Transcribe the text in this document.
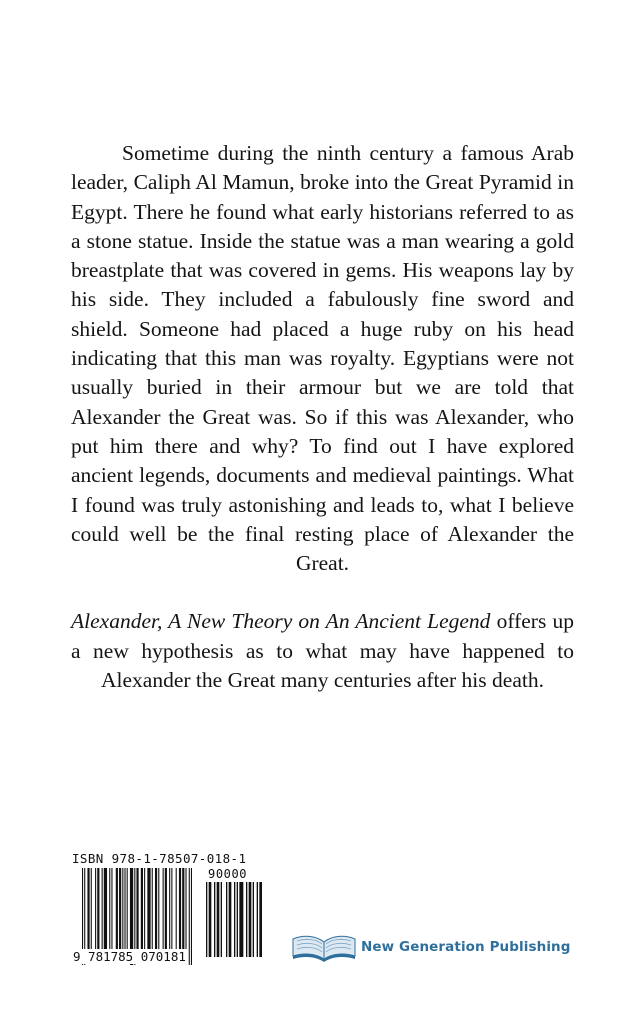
Sometime during the ninth century a famous Arab leader, Caliph Al Mamun, broke into the Great Pyramid in Egypt. There he found what early historians referred to as a stone statue. Inside the statue was a man wearing a gold breastplate that was covered in gems. His weapons lay by his side. They included a fabulously fine sword and shield. Someone had placed a huge ruby on his head indicating that this man was royalty. Egyptians were not usually buried in their armour but we are told that Alexander the Great was. So if this was Alexander, who put him there and why? To find out I have explored ancient legends, documents and medieval paintings. What I found was truly astonishing and leads to, what I believe could well be the final resting place of Alexander the Great.

Alexander, A New Theory on An Ancient Legend offers up a new hypothesis as to what may have happened to Alexander the Great many centuries after his death.

ISBN 978-1-78507-018-1
90000
9 781785 070181
New Generation Publishing
